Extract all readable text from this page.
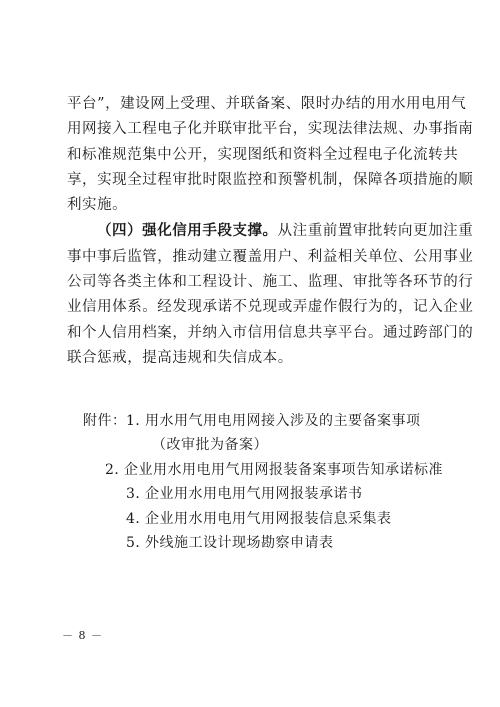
平台”，建设网上受理、并联备案、限时办结的用水用电用气
用网接入工程电子化并联审批平台，实现法律法规、办事指南
和标准规范集中公开，实现图纸和资料全过程电子化流转共
享，实现全过程审批时限监控和预警机制，保障各项措施的顺
利实施。
（四）强化信用手段支撑。从注重前置审批转向更加注重
事中事后监管，推动建立覆盖用户、利益相关单位、公用事业
公司等各类主体和工程设计、施工、监理、审批等各环节的行
业信用体系。经发现承诺不兑现或弄虚作假行为的，记入企业
和个人信用档案，并纳入市信用信息共享平台。通过跨部门的
联合惩戒，提高违规和失信成本。
附件： 1．
用水用气用电用网接入涉及的主要备案事项
（改审批为备案）
2．
企业用水用电用气用网报装备案事项告知承诺标准
3．
企业用水用电用气用网报装承诺书
4．
企业用水用电用气用网报装信息采集表
5．
外线施工设计现场勘察申请表
－ 8 －
